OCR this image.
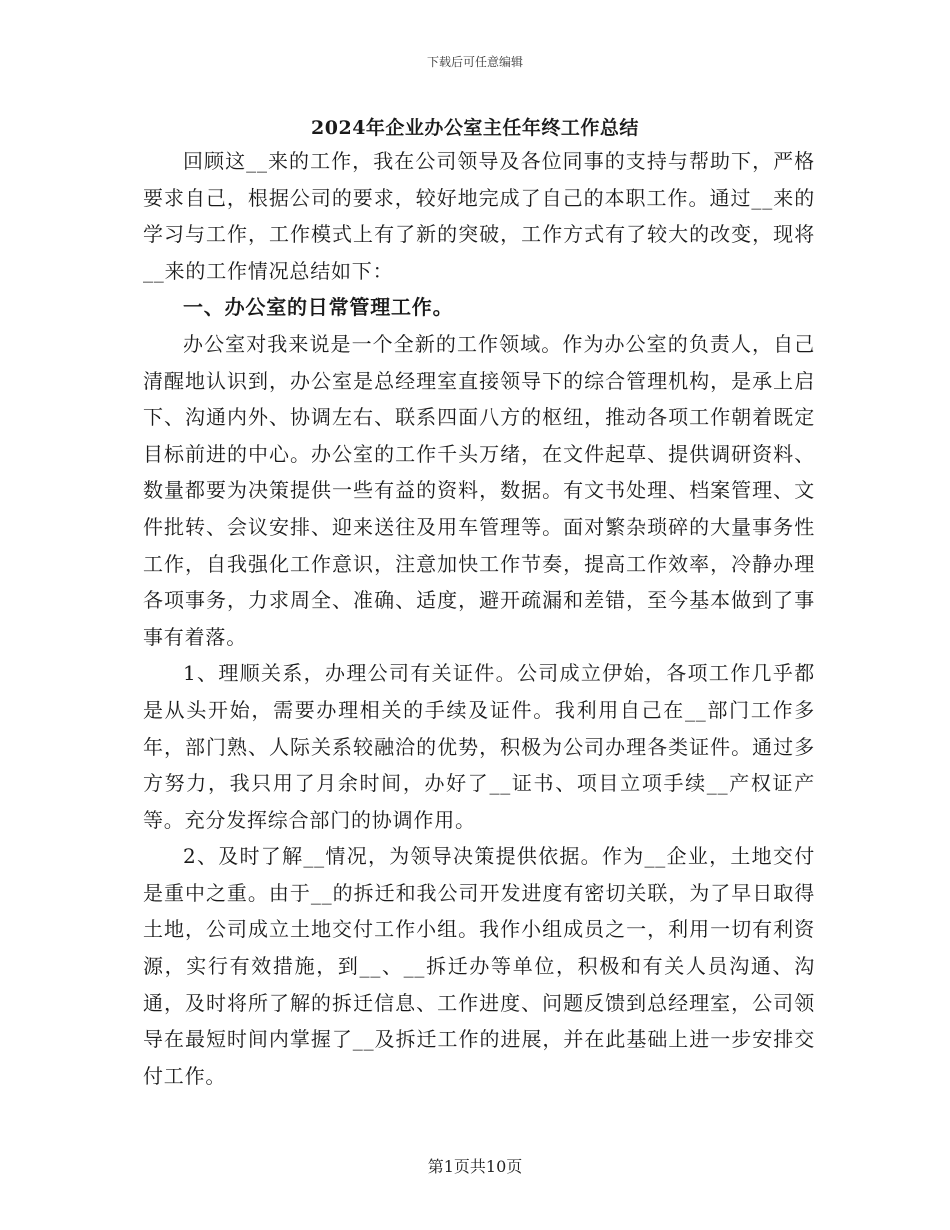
下载后可任意编辑
2024年企业办公室主任年终工作总结

回顾这__来的工作，我在公司领导及各位同事的支持与帮助下，严格要求自己，根据公司的要求，较好地完成了自己的本职工作。通过__来的学习与工作，工作模式上有了新的突破，工作方式有了较大的改变，现将__来的工作情况总结如下：

一、办公室的日常管理工作。

办公室对我来说是一个全新的工作领域。作为办公室的负责人，自己清醒地认识到，办公室是总经理室直接领导下的综合管理机构，是承上启下、沟通内外、协调左右、联系四面八方的枢纽，推动各项工作朝着既定目标前进的中心。办公室的工作千头万绪，在文件起草、提供调研资料、数量都要为决策提供一些有益的资料，数据。有文书处理、档案管理、文件批转、会议安排、迎来送往及用车管理等。面对繁杂琐碎的大量事务性工作，自我强化工作意识，注意加快工作节奏，提高工作效率，冷静办理各项事务，力求周全、准确、适度，避开疏漏和差错，至今基本做到了事事有着落。

1、理顺关系，办理公司有关证件。公司成立伊始，各项工作几乎都是从头开始，需要办理相关的手续及证件。我利用自己在__部门工作多年，部门熟、人际关系较融洽的优势，积极为公司办理各类证件。通过多方努力，我只用了月余时间，办好了__证书、项目立项手续__产权证产等。充分发挥综合部门的协调作用。

2、及时了解__情况，为领导决策提供依据。作为__企业，土地交付是重中之重。由于__的拆迁和我公司开发进度有密切关联，为了早日取得土地，公司成立土地交付工作小组。我作小组成员之一，利用一切有利资源，实行有效措施，到__、__拆迁办等单位，积极和有关人员沟通、沟通，及时将所了解的拆迁信息、工作进度、问题反馈到总经理室，公司领导在最短时间内掌握了__及拆迁工作的进展，并在此基础上进一步安排交付工作。

第1页共10页
